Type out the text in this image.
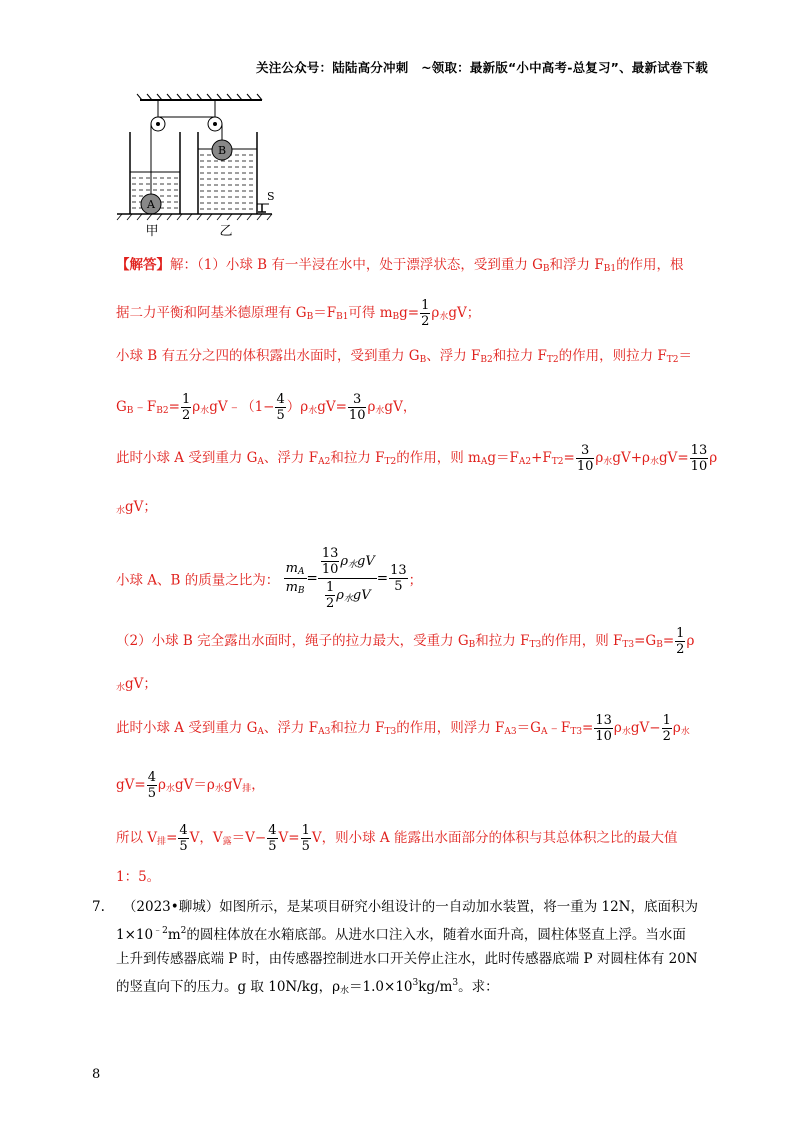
关注公众号：陆陆高分冲刺　~领取：最新版“小中高考-总复习”、最新试卷下载
A
B
S
甲	乙
【解答】解：（1）小球 B 有一半浸在水中，处于漂浮状态，受到重力 $G_B$和浮力 $F_{B1}$的作用，根
据二力平衡和阿基米德原理有 $G_B=F_{B1}$可得 $m_Bg= \frac{1}{2} \rho_水gV$；
小球 B 有五分之四的体积露出水面时，受到重力 $G_B$、浮力 $F_{B2}$和拉力 $F_{T2}$的作用，则拉力 $F_{T2}=$
$G_B﹣F_{B2}= \frac{1}{2}$ $\rho_水gV﹣(1- \frac{4}{5} )\rho_水gV= \frac{3}{10} \rho_水gV$，
此时小球 A 受到重力 $G_A$、浮力 $F_{A2}$和拉力 $F_{T2}$的作用，则 $m_Ag=F_{A2}+F_{T2}= \frac{3}{10} \rho_水gV+\rho_水gV= \frac{13}{10}$ ρ
$_水$gV；
小球 A、B 的质量之比为： $\frac{m_A}{m_B} = \frac{\frac{13}{10} \rho_水gV}{\frac{1}{2} \rho_水gV} = \frac{13}{5}$ ；
（2）小球 B 完全露出水面时，绳子的拉力最大，受重力 $G_B$和拉力 $F_{T3}$的作用，则 $F_{T3}=G_B= \frac{1}{2}$ ρ
$_水$gV；
此时小球 A 受到重力 $G_A$、浮力 $F_{A3}$和拉力 $F_{T3}$的作用，则浮力 $F_{A3}=G_A﹣F_{T3}= \frac{13}{10} \rho_水gV- \frac{1}{2} \rho_水$
$gV= \frac{4}{5} \rho_水gV=\rho_水gV_排$，
所以 $V_排= \frac{4}{5}$ V，$V_露=V- \frac{4}{5} V= \frac{1}{5}$ V，则小球 A 能露出水面部分的体积与其总体积之比的最大值
1：5。
7. （2023•聊城）如图所示，是某项目研究小组设计的一自动加水装置，将一重为 12N，底面积为
$1\times 10^{﹣2}m^2$的圆柱体放在水箱底部。从进水口注入水，随着水面升高，圆柱体竖直上浮。当水面
上升到传感器底端 P 时，由传感器控制进水口开关停止注水，此时传感器底端 P 对圆柱体有 20N
的竖直向下的压力。g 取 10N/kg，$\rho_水=1.0\times 10^3kg/m^3$。求：
8
